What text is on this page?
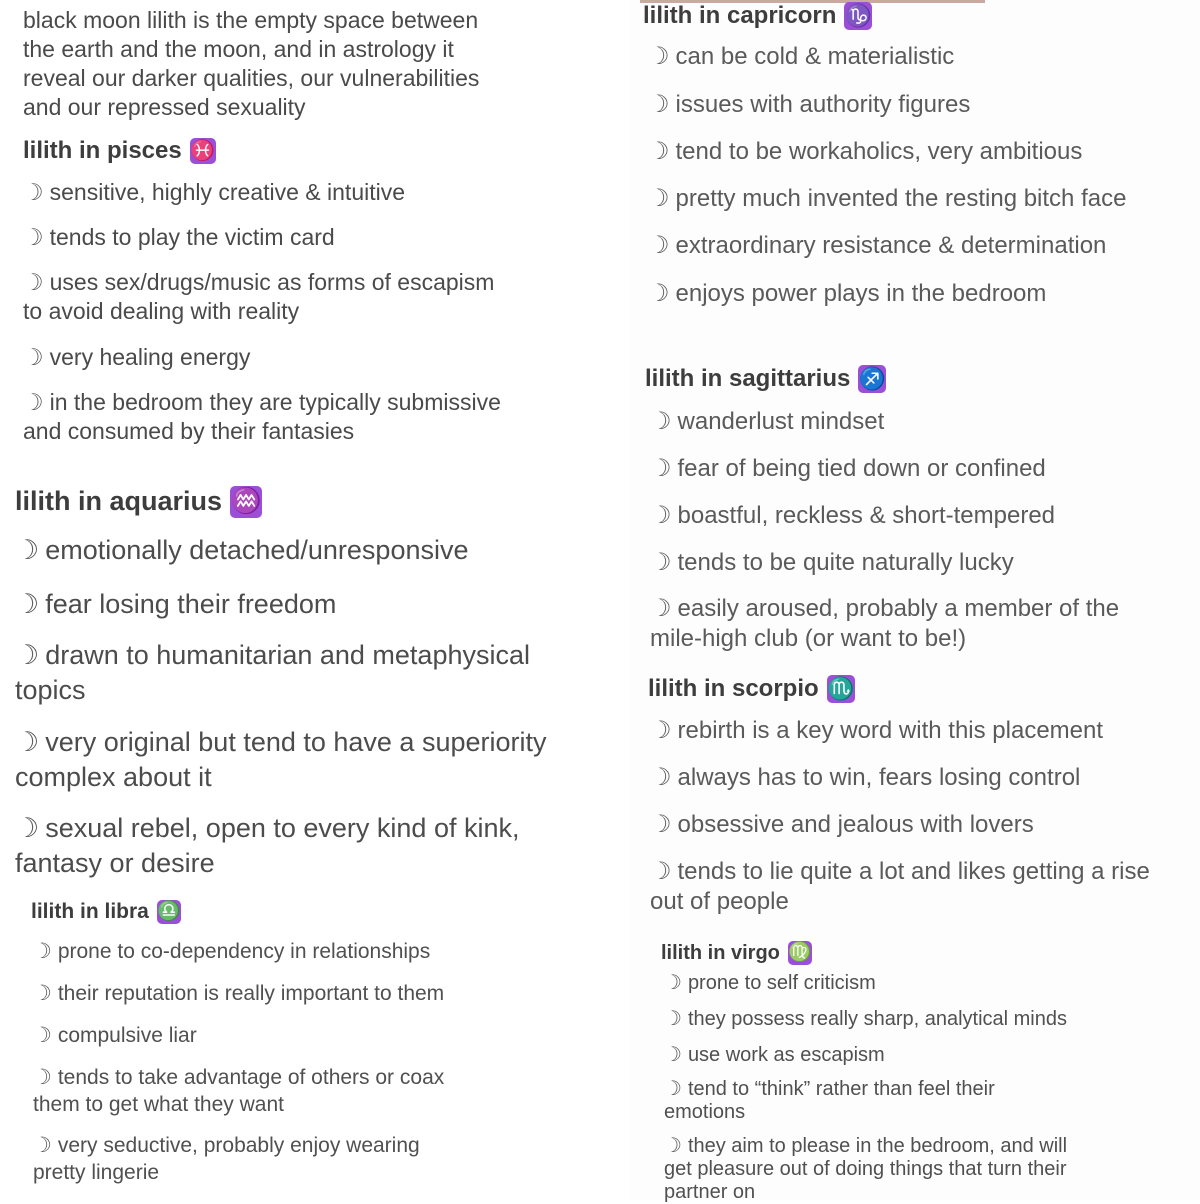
black moon lilith is the empty space between

the earth and the moon, and in astrology it

reveal our darker qualities, our vulnerabilities

and our repressed sexuality

lilith in pisces ♓
☽ sensitive, highly creative & intuitive
☽ tends to play the victim card
☽ uses sex/drugs/music as forms of escapism
to avoid dealing with reality
☽ very healing energy
☽ in the bedroom they are typically submissive
and consumed by their fantasies
lilith in aquarius ♒
☽ emotionally detached/unresponsive
☽ fear losing their freedom
☽ drawn to humanitarian and metaphysical
topics
☽ very original but tend to have a superiority
complex about it
☽ sexual rebel, open to every kind of kink,
fantasy or desire
lilith in libra ♎
☽ prone to co-dependency in relationships
☽ their reputation is really important to them
☽ compulsive liar
☽ tends to take advantage of others or coax
them to get what they want
☽ very seductive, probably enjoy wearing
pretty lingerie
lilith in capricorn ♑
☽ can be cold & materialistic
☽ issues with authority figures
☽ tend to be workaholics, very ambitious
☽ pretty much invented the resting bitch face
☽ extraordinary resistance & determination
☽ enjoys power plays in the bedroom
lilith in sagittarius ♐
☽ wanderlust mindset
☽ fear of being tied down or confined
☽ boastful, reckless & short-tempered
☽ tends to be quite naturally lucky
☽ easily aroused, probably a member of the
mile-high club (or want to be!)
lilith in scorpio ♏
☽ rebirth is a key word with this placement
☽ always has to win, fears losing control
☽ obsessive and jealous with lovers
☽ tends to lie quite a lot and likes getting a rise
out of people
lilith in virgo ♍
☽ prone to self criticism
☽ they possess really sharp, analytical minds
☽ use work as escapism
☽ tend to “think” rather than feel their
emotions
☽ they aim to please in the bedroom, and will
get pleasure out of doing things that turn their
partner on
